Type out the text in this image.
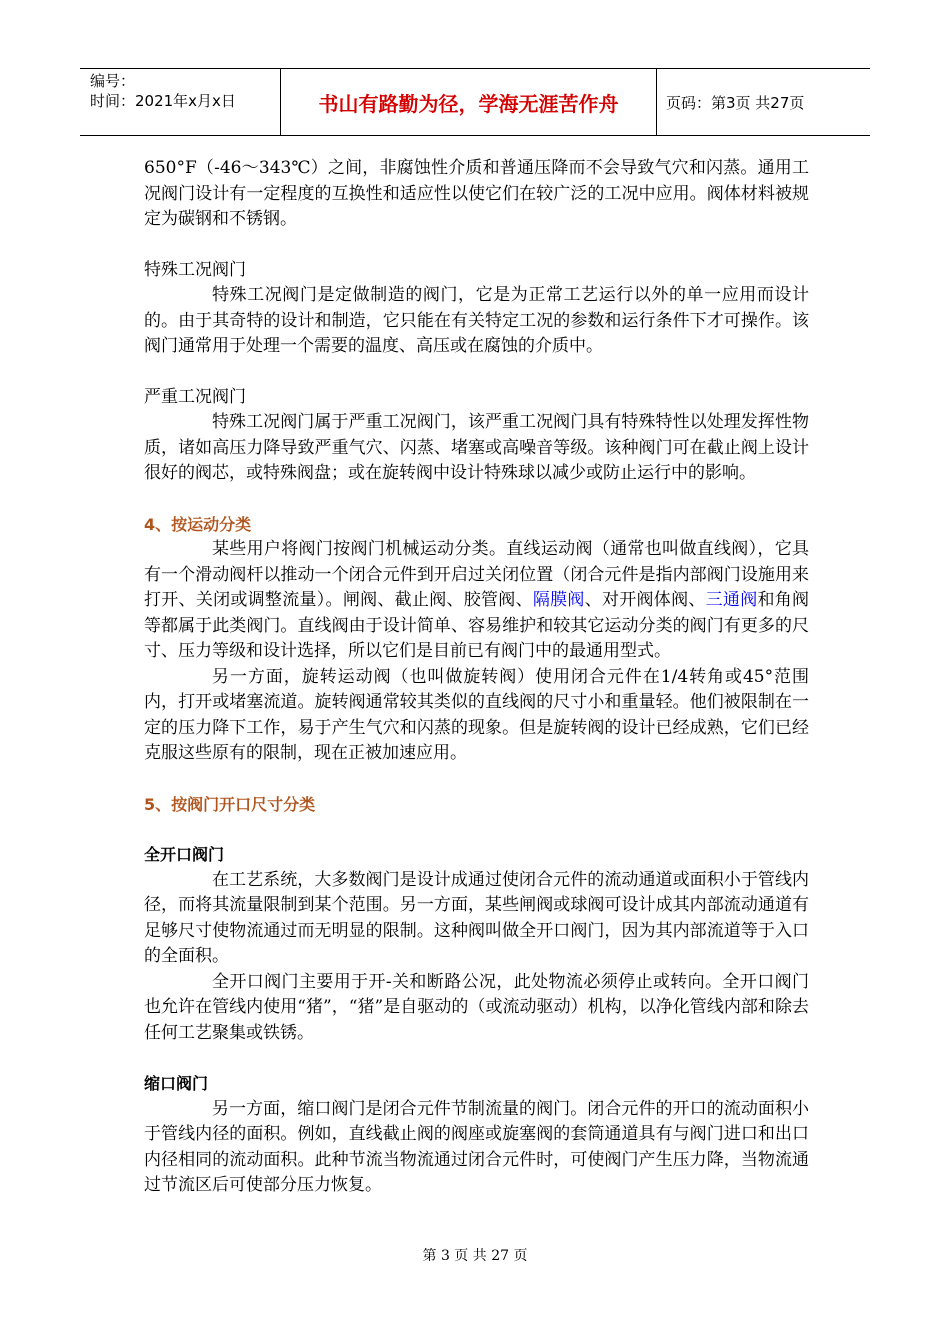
编号：
时间：2021年x月x日	书山有路勤为径，学海无涯苦作舟	页码：第3页 共27页

650°F（-46～343℃）之间，非腐蚀性介质和普通压降而不会导致气穴和闪蒸。通用工况阀门设计有一定程度的互换性和适应性以使它们在较广泛的工况中应用。阀体材料被规定为碳钢和不锈钢。

特殊工况阀门

特殊工况阀门是定做制造的阀门，它是为正常工艺运行以外的单一应用而设计的。由于其奇特的设计和制造，它只能在有关特定工况的参数和运行条件下才可操作。该阀门通常用于处理一个需要的温度、高压或在腐蚀的介质中。

严重工况阀门

特殊工况阀门属于严重工况阀门，该严重工况阀门具有特殊特性以处理发挥性物质，诸如高压力降导致严重气穴、闪蒸、堵塞或高噪音等级。该种阀门可在截止阀上设计很好的阀芯，或特殊阀盘；或在旋转阀中设计特殊球以减少或防止运行中的影响。

4、按运动分类

某些用户将阀门按阀门机械运动分类。直线运动阀（通常也叫做直线阀），它具有一个滑动阀杆以推动一个闭合元件到开启过关闭位置（闭合元件是指内部阀门设施用来打开、关闭或调整流量）。闸阀、截止阀、胶管阀、隔膜阀、对开阀体阀、三通阀和角阀等都属于此类阀门。直线阀由于设计简单、容易维护和较其它运动分类的阀门有更多的尺寸、压力等级和设计选择，所以它们是目前已有阀门中的最通用型式。

另一方面，旋转运动阀（也叫做旋转阀）使用闭合元件在1/4转角或45°范围内，打开或堵塞流道。旋转阀通常较其类似的直线阀的尺寸小和重量轻。他们被限制在一定的压力降下工作，易于产生气穴和闪蒸的现象。但是旋转阀的设计已经成熟，它们已经克服这些原有的限制，现在正被加速应用。

5、按阀门开口尺寸分类

全开口阀门

在工艺系统，大多数阀门是设计成通过使闭合元件的流动通道或面积小于管线内径，而将其流量限制到某个范围。另一方面，某些闸阀或球阀可设计成其内部流动通道有足够尺寸使物流通过而无明显的限制。这种阀叫做全开口阀门，因为其内部流道等于入口的全面积。

全开口阀门主要用于开-关和断路公况，此处物流必须停止或转向。全开口阀门也允许在管线内使用“猪”，“猪”是自驱动的（或流动驱动）机构，以净化管线内部和除去任何工艺聚集或铁锈。

缩口阀门

另一方面，缩口阀门是闭合元件节制流量的阀门。闭合元件的开口的流动面积小于管线内径的面积。例如，直线截止阀的阀座或旋塞阀的套筒通道具有与阀门进口和出口内径相同的流动面积。此种节流当物流通过闭合元件时，可使阀门产生压力降，当物流通过节流区后可使部分压力恢复。

第 3 页 共 27 页
